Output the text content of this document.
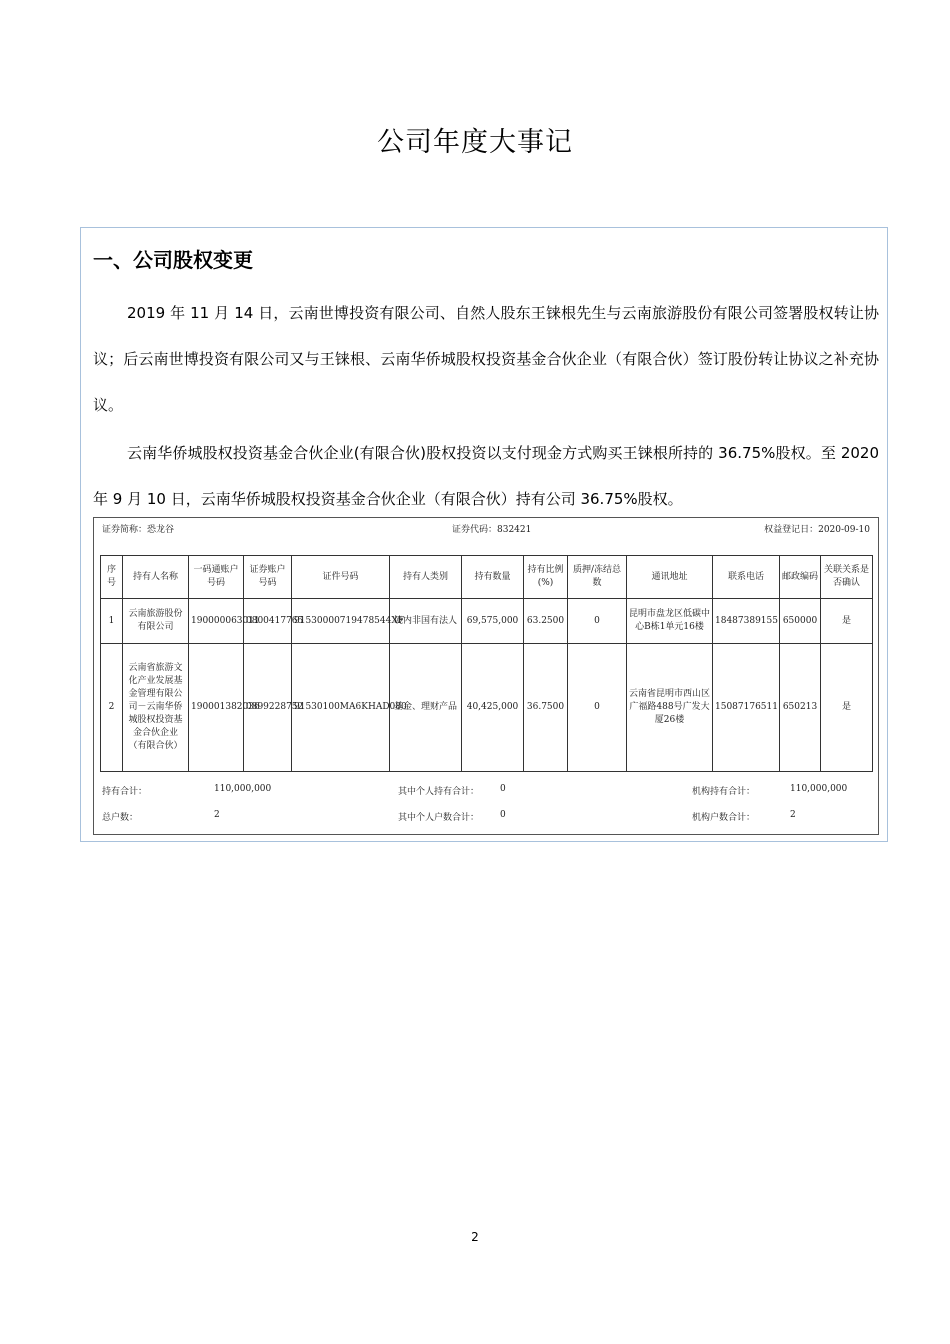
公司年度大事记
一、公司股权变更

2019 年 11 月 14 日，云南世博投资有限公司、自然人股东王铼根先生与云南旅游股份有限公司签署股权转让协议；后云南世博投资有限公司又与王铼根、云南华侨城股权投资基金合伙企业（有限合伙）签订股份转让协议之补充协议。

云南华侨城股权投资基金合伙企业(有限合伙)股权投资以支付现金方式购买王铼根所持的 36.75%股权。至 2020 年 9 月 10 日，云南华侨城股权投资基金合伙企业（有限合伙）持有公司 36.75%股权。

证券简称：恐龙谷	证券代码：832421	权益登记日：2020-09-10
序号	持有人名称	一码通账户号码	证券账户号码	证件号码	持有人类别	持有数量	持有比例(%)	质押/冻结总数	通讯地址	联系电话	邮政编码	关联关系是否确认
1	云南旅游股份有限公司	190000063011	0800417765	91530000719478544XF	境内非国有法人	69,575,000	63.2500	0	昆明市盘龙区低碳中心B栋1单元16楼	18487389155	650000	是
2	云南省旅游文化产业发展基金管理有限公司－云南华侨城股权投资基金合伙企业（有限合伙）	190001382036	0899228752	91530100MA6KHAD080	基金、理财产品	40,425,000	36.7500	0	云南省昆明市西山区广福路488号广发大厦26楼	15087176511	650213	是
持有合计：	110,000,000	其中个人持有合计： 0	机构持有合计：	110,000,000
总户数：	2	其中个人户数合计： 0	机构户数合计：	2
2
